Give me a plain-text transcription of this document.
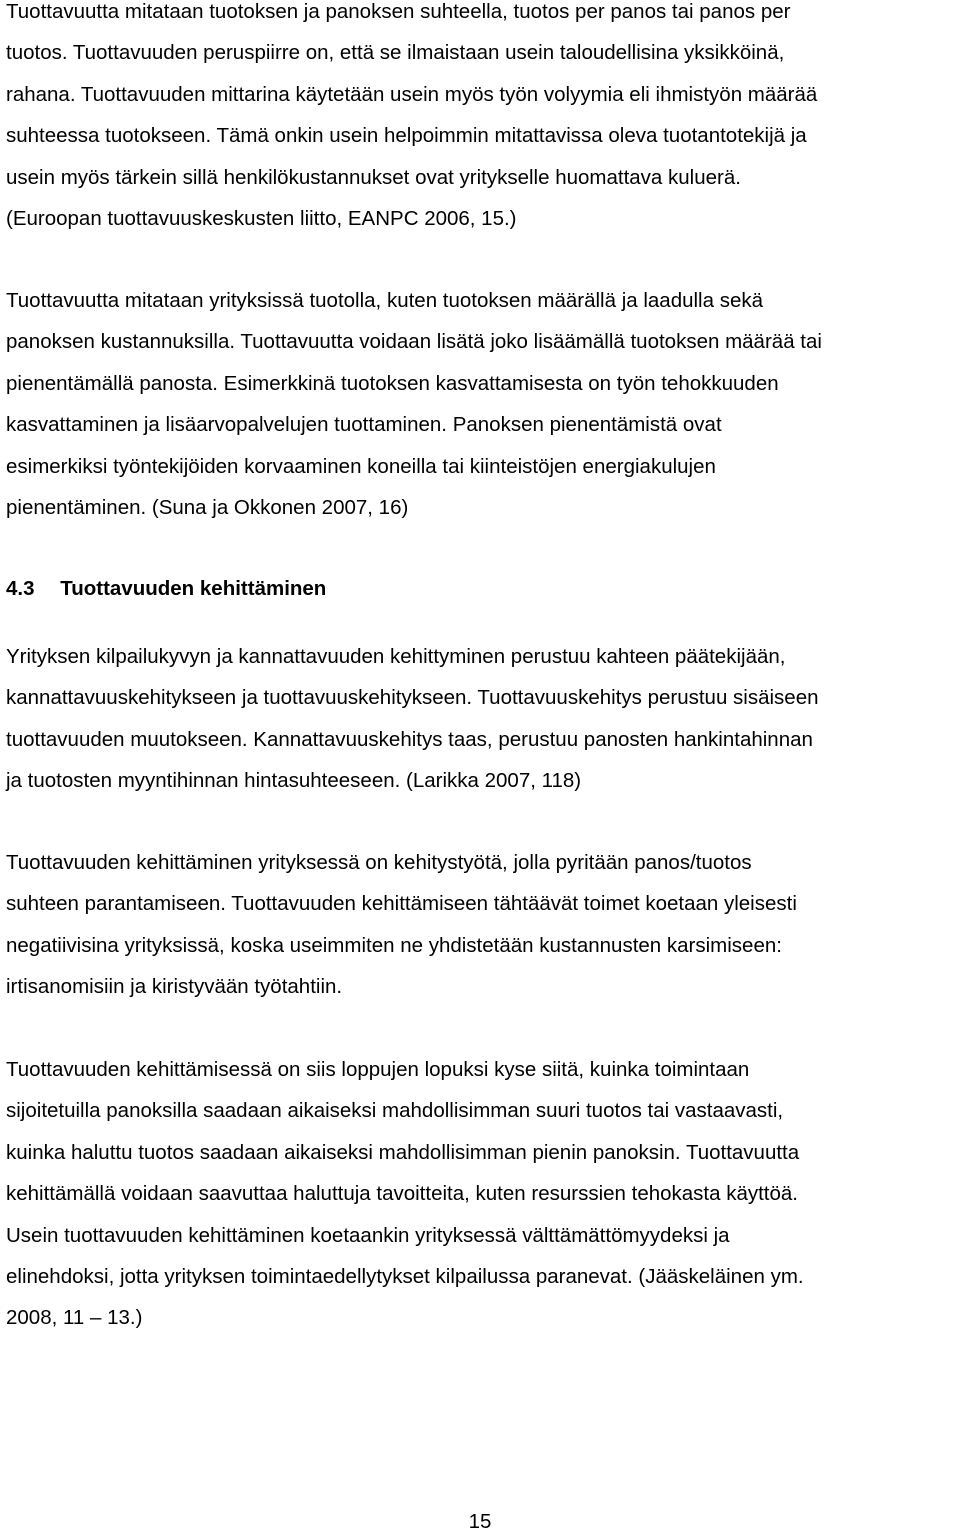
Tuottavuutta mitataan tuotoksen ja panoksen suhteella, tuotos per panos tai panos per
tuotos. Tuottavuuden peruspiirre on, että se ilmaistaan usein taloudellisina yksikköinä,
rahana. Tuottavuuden mittarina käytetään usein myös työn volyymia eli ihmistyön määrää
suhteessa tuotokseen. Tämä onkin usein helpoimmin mitattavissa oleva tuotantotekijä ja
usein myös tärkein sillä henkilökustannukset ovat yritykselle huomattava kuluerä.
(Euroopan tuottavuuskeskusten liitto, EANPC 2006, 15.)

Tuottavuutta mitataan yrityksissä tuotolla, kuten tuotoksen määrällä ja laadulla sekä
panoksen kustannuksilla. Tuottavuutta voidaan lisätä joko lisäämällä tuotoksen määrää tai
pienentämällä panosta. Esimerkkinä tuotoksen kasvattamisesta on työn tehokkuuden
kasvattaminen ja lisäarvopalvelujen tuottaminen. Panoksen pienentämistä ovat
esimerkiksi työntekijöiden korvaaminen koneilla tai kiinteistöjen energiakulujen
pienentäminen. (Suna ja Okkonen 2007, 16)

4.3 Tuottavuuden kehittäminen

Yrityksen kilpailukyvyn ja kannattavuuden kehittyminen perustuu kahteen päätekijään,
kannattavuuskehitykseen ja tuottavuuskehitykseen. Tuottavuuskehitys perustuu sisäiseen
tuottavuuden muutokseen. Kannattavuuskehitys taas, perustuu panosten hankintahinnan
ja tuotosten myyntihinnan hintasuhteeseen. (Larikka 2007, 118)

Tuottavuuden kehittäminen yrityksessä on kehitystyötä, jolla pyritään panos/tuotos
suhteen parantamiseen. Tuottavuuden kehittämiseen tähtäävät toimet koetaan yleisesti
negatiivisina yrityksissä, koska useimmiten ne yhdistetään kustannusten karsimiseen:
irtisanomisiin ja kiristyvään työtahtiin.

Tuottavuuden kehittämisessä on siis loppujen lopuksi kyse siitä, kuinka toimintaan
sijoitetuilla panoksilla saadaan aikaiseksi mahdollisimman suuri tuotos tai vastaavasti,
kuinka haluttu tuotos saadaan aikaiseksi mahdollisimman pienin panoksin. Tuottavuutta
kehittämällä voidaan saavuttaa haluttuja tavoitteita, kuten resurssien tehokasta käyttöä.
Usein tuottavuuden kehittäminen koetaankin yrityksessä välttämättömyydeksi ja
elinehdoksi, jotta yrityksen toimintaedellytykset kilpailussa paranevat. (Jääskeläinen ym.
2008, 11 – 13.)

15
